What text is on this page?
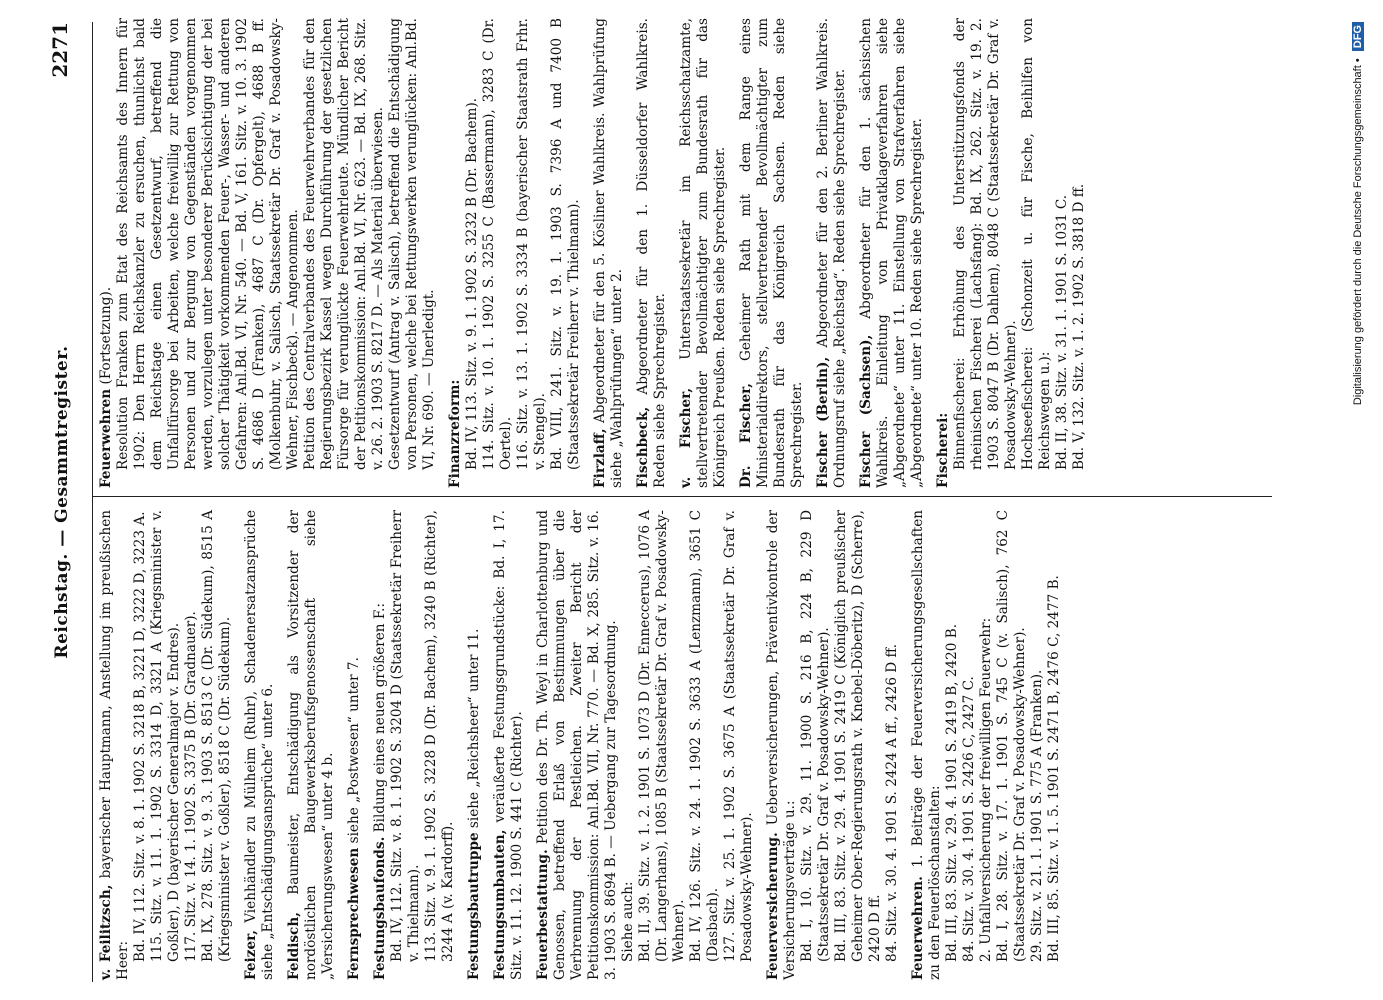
Reichstag. — Gesammtregister.
2271
v. Feilitzsch, bayerischer Hauptmann, Anstellung im preußischen Heer: Bd. IV, 112. Sitz. v. 8. 1. 1902 S. 3218 B, 3221 D, 3222 D, 3223 A. 115. Sitz. v. 11. 1. 1902 S. 3314 D, 3321 A (Kriegsminister v. Goßler), D (bayerischer Generalmajor v. Endres). 117. Sitz. v. 14. 1. 1902 S. 3375 B (Dr. Gradnauer). Bd. IX, 278. Sitz. v. 9. 3. 1903 S. 8513 C (Dr. Südekum), 8515 A (Kriegsminister v. Goßler), 8518 C (Dr. Südekum). Feizer, Viehhändler zu Mülheim (Ruhr), Schadenersatzansprüche siehe „Entschädigungsansprüche“ unter 6. Feldisch, Baumeister, Entschädigung als Vorsitzender der nordöstlichen Baugewerksberufsgenossenschaft siehe „Versicherungswesen“ unter 4 b. Fernsprechwesen siehe „Postwesen“ unter 7.
Festungsbaufonds. Bildung eines neuen größeren F.: Bd. IV, 112. Sitz. v. 8. 1. 1902 S. 3204 D (Staatssekretär Freiherr v. Thielmann). 113. Sitz. v. 9. 1. 1902 S. 3228 D (Dr. Bachem), 3240 B (Richter), 3244 A (v. Kardorff). Festungsbautruppe siehe „Reichsheer“ unter 11.
Festungsumbauten, veräußerte Festungsgrundstücke: Bd. I, 17. Sitz. v. 11. 12. 1900 S. 441 C (Richter). Feuerbestattung. Petition des Dr. Th. Weyl in Charlottenburg und Genossen, betreffend Erlaß von Bestimmungen über die Verbrennung der Pestleichen. Zweiter Bericht der Petitionskommission: Anl.Bd. VII, Nr. 770. — Bd. X, 285. Sitz. v. 16. 3. 1903 S. 8694 B. — Uebergang zur Tagesordnung. Siehe auch: Bd. II, 39. Sitz. v. 1. 2. 1901 S. 1073 D (Dr. Enneccerus), 1076 A (Dr. Langerhans), 1085 B (Staatssekretär Dr. Graf v. Posadowsky-Wehner). Bd. IV, 126. Sitz. v. 24. 1. 1902 S. 3633 A (Lenzmann), 3651 C (Dasbach). 127. Sitz. v. 25. 1. 1902 S. 3675 A (Staatssekretär Dr. Graf v. Posadowsky-Wehner). Feuerversicherung. Ueberversicherungen, Präventivkontrole der Versicherungsverträge u.: Bd. I, 10. Sitz. v. 29. 11. 1900 S. 216 B, 224 B, 229 D (Staatssekretär Dr. Graf v. Posadowsky-Wehner). Bd. III, 83. Sitz. v. 29. 4. 1901 S. 2419 C (Königlich preußischer Geheimer Ober-Regierungsrath v. Knebel-Döberitz), D (Scherre), 2420 D ff. 84. Sitz. v. 30. 4. 1901 S. 2424 A ff., 2426 D ff. Feuerwehren. 1. Beiträge der Feuerversicherungsgesellschaften zu den Feuerlöschanstalten: Bd. III, 83. Sitz. v. 29. 4. 1901 S. 2419 B, 2420 B. 84. Sitz. v. 30. 4. 1901 S. 2426 C, 2427 C. 2. Unfallversicherung der freiwilligen Feuerwehr: Bd. I, 28. Sitz. v. 17. 1. 1901 S. 745 C (v. Salisch), 762 C (Staatssekretär Dr. Graf v. Posadowsky-Wehner). 29. Sitz. v. 21. 1. 1901 S. 775 A (Franken). Bd. III, 85. Sitz. v. 1. 5. 1901 S. 2471 B, 2476 C, 2477 B.
Feuerwehren (Fortsetzung). Resolution Franken zum Etat des Reichsamts des Innern für 1902: Den Herrn Reichskanzler zu ersuchen, thunlichst bald dem Reichstage einen Gesetzentwurf, betreffend die Unfallfürsorge bei Arbeiten, welche freiwillig zur Rettung von Personen und zur Bergung von Gegenständen vorgenommen werden, vorzulegen unter besonderer Berücksichtigung der bei solcher Thätigkeit vorkommenden Feuer-, Wasser- und anderen Gefahren: Anl.Bd. VI, Nr. 540. — Bd. V, 161. Sitz. v. 10. 3. 1902 S. 4686 D (Franken), 4687 C (Dr. Opfergelt), 4688 B ff. (Molkenbuhr, v. Salisch, Staatssekretär Dr. Graf v. Posadowsky-Wehner, Fischbeck). — Angenommen. Petition des Centralverbandes des Feuerwehrverbandes für den Regierungsbezirk Kassel wegen Durchführung der gesetzlichen Fürsorge für verunglückte Feuerwehrleute. Mündlicher Bericht der Petitionskommission: Anl.Bd. VI, Nr. 623. — Bd. IX, 268. Sitz. v. 26. 2. 1903 S. 8217 D. — Als Material überwiesen. Gesetzentwurf (Antrag v. Salisch), betreffend die Entschädigung von Personen, welche bei Rettungswerken verunglücken: Anl.Bd. VI, Nr. 690. — Unerledigt. Finanzreform: Bd. IV, 113. Sitz. v. 9. 1. 1902 S. 3232 B (Dr. Bachem). 114. Sitz. v. 10. 1. 1902 S. 3255 C (Bassermann), 3283 C (Dr. Oertel). 116. Sitz. v. 13. 1. 1902 S. 3334 B (bayerischer Staatsrath Frhr. v. Stengel). Bd. VIII, 241. Sitz. v. 19. 1. 1903 S. 7396 A und 7400 B (Staatssekretär Freiherr v. Thielmann). Firzlaff, Abgeordneter für den 5. Kösliner Wahlkreis. Wahlprüfung siehe „Wahlprüfungen“ unter 2. Fischbeck, Abgeordneter für den 1. Düsseldorfer Wahlkreis. Reden siehe Sprechregister. v. Fischer, Unterstaatssekretär im Reichsschatzamte, stellvertretender Bevollmächtigter zum Bundesrath für das Königreich Preußen. Reden siehe Sprechregister. Dr. Fischer, Geheimer Rath mit dem Range eines Ministerialdirektors, stellvertretender Bevollmächtigter zum Bundesrath für das Königreich Sachsen. Reden siehe Sprechregister. Fischer (Berlin), Abgeordneter für den 2. Berliner Wahlkreis. Ordnungsruf siehe „Reichstag“. Reden siehe Sprechregister. Fischer (Sachsen), Abgeordneter für den 1. sächsischen Wahlkreis. Einleitung von Privatklageverfahren siehe „Abgeordnete“ unter 11. Einstellung von Strafverfahren siehe „Abgeordnete“ unter 10. Reden siehe Sprechregister. Fischerei: Binnenfischerei: Erhöhung des Unterstützungsfonds der rheinischen Fischerei (Lachsfang): Bd. IX, 262. Sitz. v. 19. 2. 1903 S. 8047 B (Dr. Dahlem), 8048 C (Staatssekretär Dr. Graf v. Posadowsky-Wehner). Hochseefischerei: (Schonzeit u. für Fische, Beihilfen von Reichswegen u.): Bd. II, 38. Sitz. v. 31. 1. 1901 S. 1031 C. Bd. V, 132. Sitz. v. 1. 2. 1902 S. 3818 D ff.	Digitalisierung gefördert durch die Deutsche Forschungsgemeinschaft • DFG
